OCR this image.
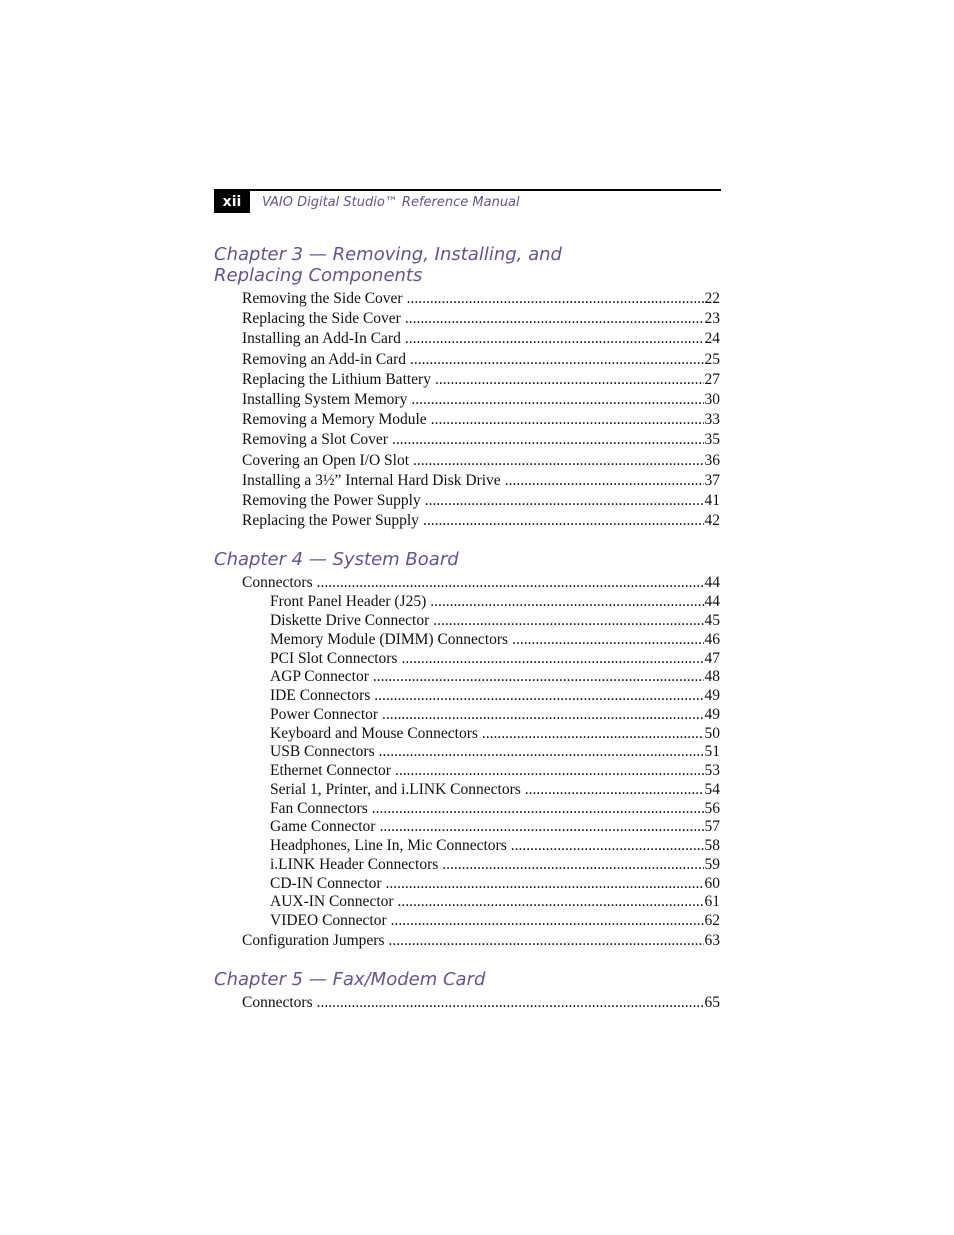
xii	VAIO Digital Studio™ Reference Manual
Chapter 3 — Removing, Installing, and Replacing Components
Removing the Side Cover .....	22
Replacing the Side Cover .....	23
Installing an Add-In Card .....	24
Removing an Add-in Card .....	25
Replacing the Lithium Battery .....	27
Installing System Memory .....	30
Removing a Memory Module .....	33
Removing a Slot Cover .....	35
Covering an Open I/O Slot .....	36
Installing a 3½” Internal Hard Disk Drive .....	37
Removing the Power Supply .....	41
Replacing the Power Supply .....	42
Chapter 4 — System Board
Connectors .....	44
Front Panel Header (J25) .....	44
Diskette Drive Connector .....	45
Memory Module (DIMM) Connectors .....	46
PCI Slot Connectors .....	47
AGP Connector .....	48
IDE Connectors .....	49
Power Connector .....	49
Keyboard and Mouse Connectors .....	50
USB Connectors .....	51
Ethernet Connector .....	53
Serial 1, Printer, and i.LINK Connectors .....	54
Fan Connectors .....	56
Game Connector .....	57
Headphones, Line In, Mic Connectors .....	58
i.LINK Header Connectors .....	59
CD-IN Connector .....	60
AUX-IN Connector .....	61
VIDEO Connector .....	62
Configuration Jumpers .....	63
Chapter 5 — Fax/Modem Card
Connectors .....	65
